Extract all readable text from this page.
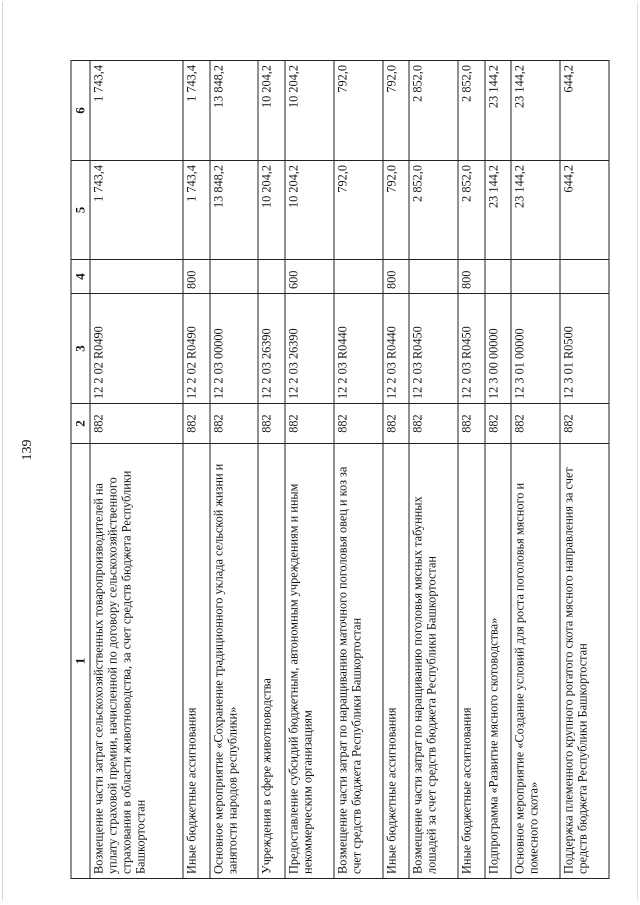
139
1	2	3	4	5	6
Возмещение части затрат сельскохозяйственных товаропроизводителей на уплату страховой премии, начисленной по договору сельскохозяйственного страхования в области животноводства, за счет средств бюджета Республики Башкортостан	882	12 2 02 R0490		1 743,4	1 743,4
Иные бюджетные ассигнования	882	12 2 02 R0490	800	1 743,4	1 743,4
Основное мероприятие «Сохранение традиционного уклада сельской жизни и занятости народов республики»	882	12 2 03 00000		13 848,2	13 848,2
Учреждения в сфере животноводства	882	12 2 03 26390		10 204,2	10 204,2
Предоставление субсидий бюджетным, автономным учреждениям и иным некоммерческим организациям	882	12 2 03 26390	600	10 204,2	10 204,2
Возмещение части затрат по наращиванию маточного поголовья овец и коз за счет средств бюджета Республики Башкортостан	882	12 2 03 R0440		792,0	792,0
Иные бюджетные ассигнования	882	12 2 03 R0440	800	792,0	792,0
Возмещение части затрат по наращиванию поголовья мясных табунных лошадей за счет средств бюджета Республики Башкортостан	882	12 2 03 R0450		2 852,0	2 852,0
Иные бюджетные ассигнования	882	12 2 03 R0450	800	2 852,0	2 852,0
Подпрограмма «Развитие мясного скотоводства»	882	12 3 00 00000		23 144,2	23 144,2
Основное мероприятие «Создание условий для роста поголовья мясного и помесного скота»	882	12 3 01 00000		23 144,2	23 144,2
Поддержка племенного крупного рогатого скота мясного направления за счет средств бюджета Республики Башкортостан	882	12 3 01 R0500		644,2	644,2
